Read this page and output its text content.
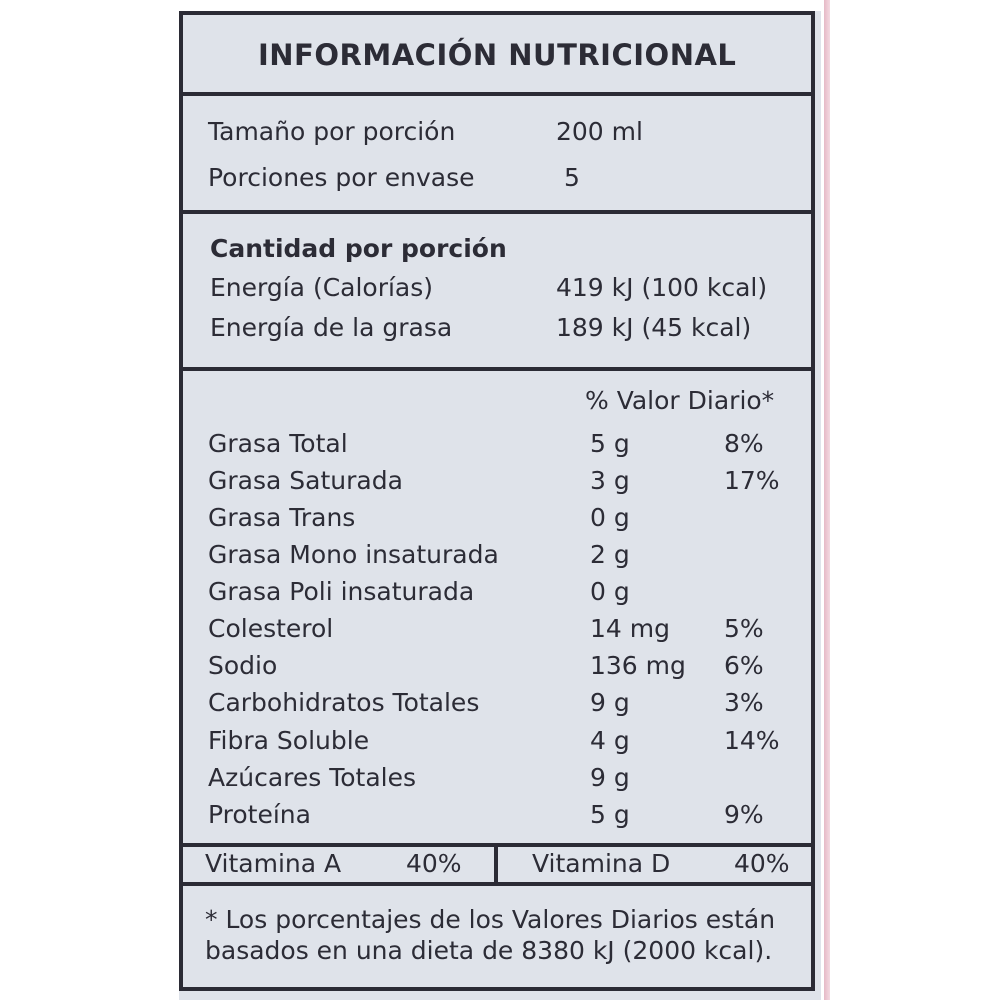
INFORMACIÓN NUTRICIONAL
Tamaño por porción	200 ml
Porciones por envase	5
Cantidad por porción
Energía (Calorías)	419 kJ (100 kcal)
Energía de la grasa	189 kJ (45 kcal)
% Valor Diario*
Grasa Total	5 g	8%
Grasa Saturada	3 g	17%
Grasa Trans	0 g
Grasa Mono insaturada	2 g
Grasa Poli insaturada	0 g
Colesterol	14 mg 5%
Sodio	136 mg 6%
Carbohidratos Totales	9 g	3%
Fibra Soluble	4 g	14%
Azúcares Totales	9 g
Proteína	5 g	9%
Vitamina A	40%	Vitamina D	40%
* Los porcentajes de los Valores Diarios están
basados en una dieta de 8380 kJ (2000 kcal).
